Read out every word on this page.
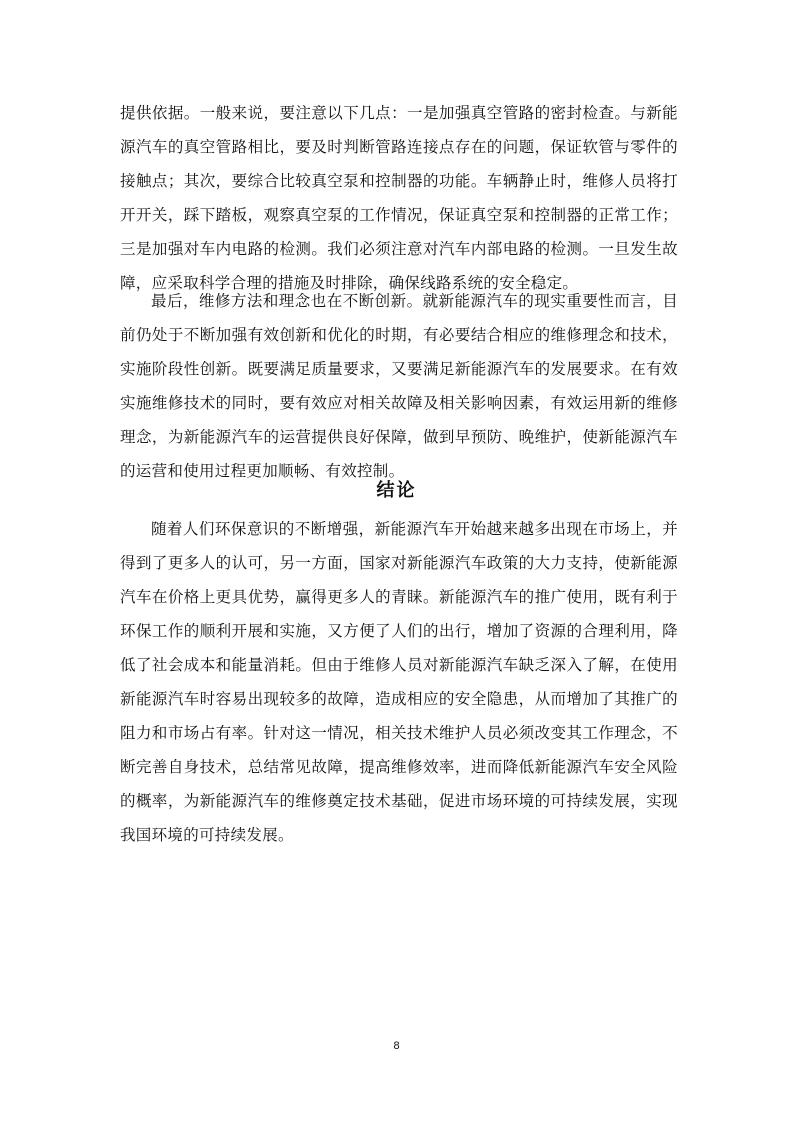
提供依据。一般来说，要注意以下几点：一是加强真空管路的密封检查。与新能源汽车的真空管路相比，要及时判断管路连接点存在的问题，保证软管与零件的接触点；其次，要综合比较真空泵和控制器的功能。车辆静止时，维修人员将打开开关，踩下踏板，观察真空泵的工作情况，保证真空泵和控制器的正常工作；三是加强对车内电路的检测。我们必须注意对汽车内部电路的检测。一旦发生故障，应采取科学合理的措施及时排除，确保线路系统的安全稳定。

最后，维修方法和理念也在不断创新。就新能源汽车的现实重要性而言，目前仍处于不断加强有效创新和优化的时期，有必要结合相应的维修理念和技术，实施阶段性创新。既要满足质量要求，又要满足新能源汽车的发展要求。在有效实施维修技术的同时，要有效应对相关故障及相关影响因素，有效运用新的维修理念，为新能源汽车的运营提供良好保障，做到早预防、晚维护，使新能源汽车的运营和使用过程更加顺畅、有效控制。

结论

随着人们环保意识的不断增强，新能源汽车开始越来越多出现在市场上，并得到了更多人的认可，另一方面，国家对新能源汽车政策的大力支持，使新能源汽车在价格上更具优势，赢得更多人的青睐。新能源汽车的推广使用，既有利于环保工作的顺利开展和实施，又方便了人们的出行，增加了资源的合理利用，降低了社会成本和能量消耗。但由于维修人员对新能源汽车缺乏深入了解，在使用新能源汽车时容易出现较多的故障，造成相应的安全隐患，从而增加了其推广的阻力和市场占有率。针对这一情况，相关技术维护人员必须改变其工作理念，不断完善自身技术，总结常见故障，提高维修效率，进而降低新能源汽车安全风险的概率，为新能源汽车的维修奠定技术基础，促进市场环境的可持续发展，实现我国环境的可持续发展。

8
